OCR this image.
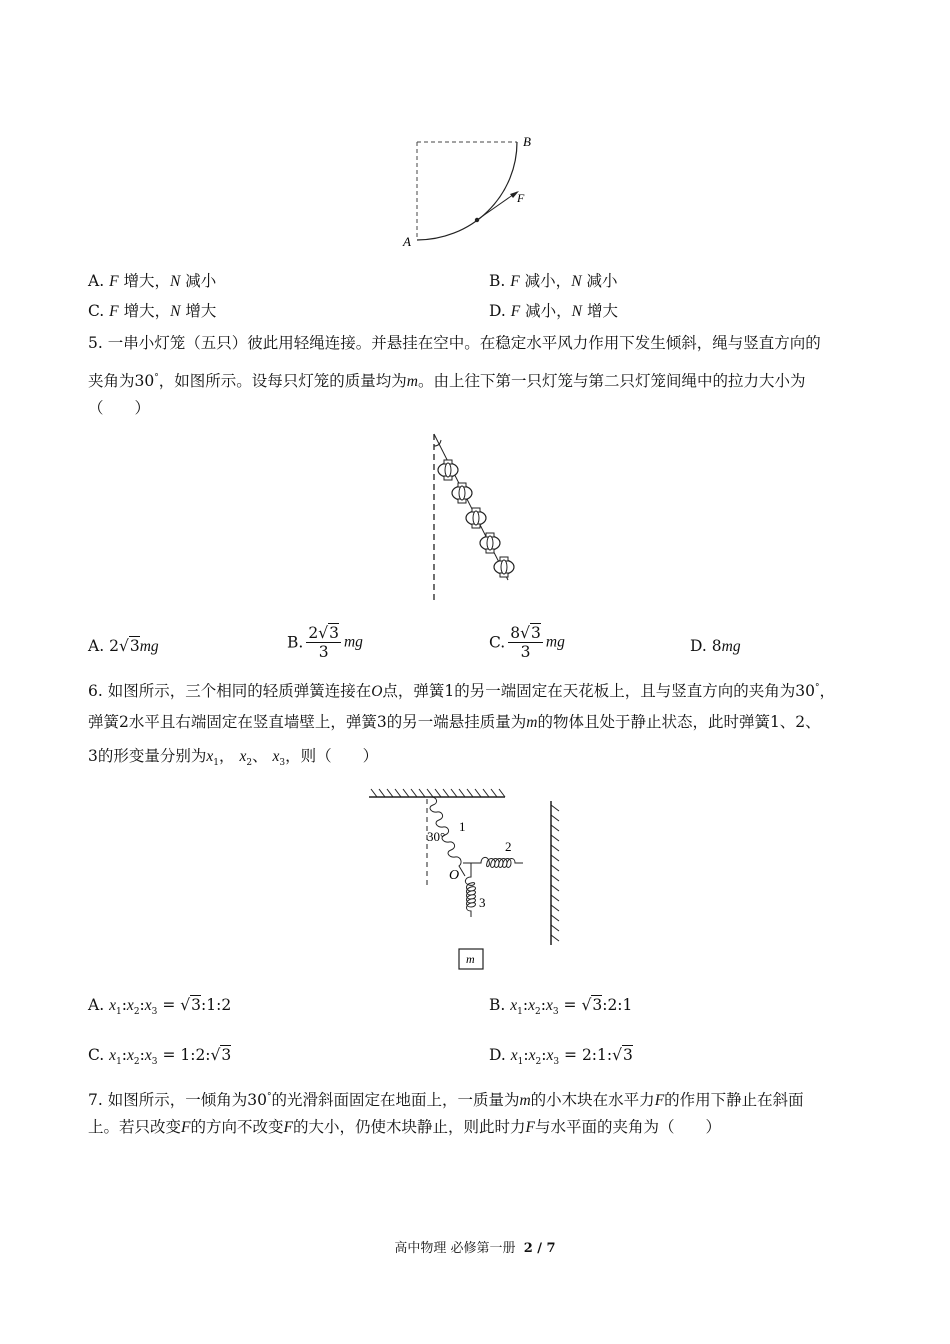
B
F
A
A. F 增大，N 减小	B. F 减小，N 减小
C. F 增大，N 增大	D. F 减小，N 增大
5. 一串小灯笼（五只）彼此用轻绳连接。并悬挂在空中。在稳定水平风力作用下发生倾斜，绳与竖直方向的
夹角为30°，如图所示。设每只灯笼的质量均为m。由上往下第一只灯笼与第二只灯笼间绳中的拉力大小为
（　　）
A. 2√3mg	B. $\frac{2√3}{3}$ mg	C. $\frac{8√3}{3}$ mg	D. 8mg
6. 如图所示，三个相同的轻质弹簧连接在O点，弹簧1的另一端固定在天花板上，且与竖直方向的夹角为30°，
弹簧2水平且右端固定在竖直墙壁上，弹簧3的另一端悬挂质量为m的物体且处于静止状态，此时弹簧1、2、
3的形变量分别为$x_1$， $x_2$、 $x_3$，则（　　）
m
30°
1
2
3
O
A. $x_1:x_2:x_3$ = √3:1:2	B. $x_1:x_2:x_3$ = √3:2:1
C. $x_1:x_2:x_3$ = 1:2:√3	D. $x_1:x_2:x_3$ = 2:1:√3
7. 如图所示，一倾角为30°的光滑斜面固定在地面上，一质量为m的小木块在水平力F的作用下静止在斜面
上。若只改变F的方向不改变F的大小，仍使木块静止，则此时力F与水平面的夹角为（　　）
高中物理 必修第一册 2 / 7
